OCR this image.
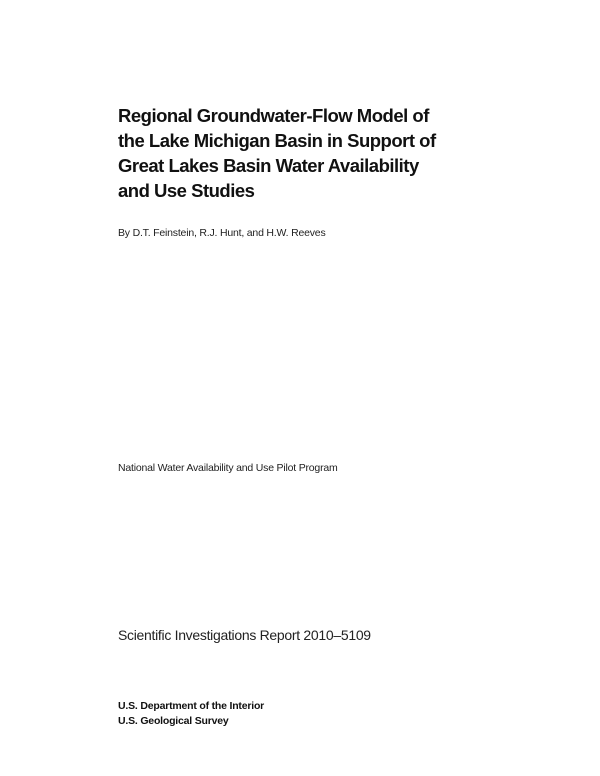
Regional Groundwater-Flow Model of
the Lake Michigan Basin in Support of
Great Lakes Basin Water Availability
and Use Studies
By D.T. Feinstein, R.J. Hunt, and H.W. Reeves
National Water Availability and Use Pilot Program
Scientific Investigations Report 2010–5109
U.S. Department of the Interior
U.S. Geological Survey
